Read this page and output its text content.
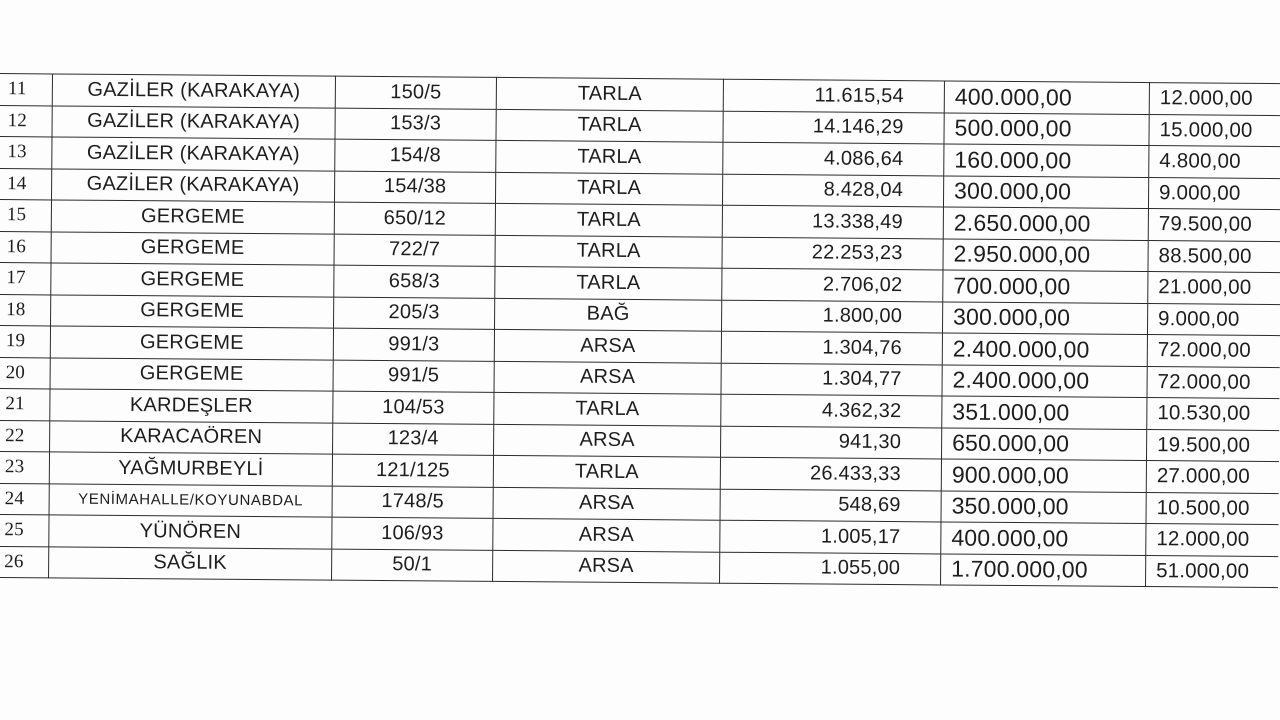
11	GAZİLER (KARAKAYA)	150/5	TARLA	11.615,54	400.000,00	12.000,00
12	GAZİLER (KARAKAYA)	153/3	TARLA	14.146,29	500.000,00	15.000,00
13	GAZİLER (KARAKAYA)	154/8	TARLA	4.086,64	160.000,00	4.800,00
14	GAZİLER (KARAKAYA)	154/38	TARLA	8.428,04	300.000,00	9.000,00
15	GERGEME	650/12	TARLA	13.338,49	2.650.000,00	79.500,00
16	GERGEME	722/7	TARLA	22.253,23	2.950.000,00	88.500,00
17	GERGEME	658/3	TARLA	2.706,02	700.000,00	21.000,00
18	GERGEME	205/3	BAĞ	1.800,00	300.000,00	9.000,00
19	GERGEME	991/3	ARSA	1.304,76	2.400.000,00	72.000,00
20	GERGEME	991/5	ARSA	1.304,77	2.400.000,00	72.000,00
21	KARDEŞLER	104/53	TARLA	4.362,32	351.000,00	10.530,00
22	KARACAÖREN	123/4	ARSA	941,30	650.000,00	19.500,00
23	YAĞMURBEYLİ	121/125	TARLA	26.433,33	900.000,00	27.000,00
24	YENİMAHALLE/KOYUNABDAL	1748/5	ARSA	548,69	350.000,00	10.500,00
25	YÜNÖREN	106/93	ARSA	1.005,17	400.000,00	12.000,00
26	SAĞLIK	50/1	ARSA	1.055,00	1.700.000,00	51.000,00
